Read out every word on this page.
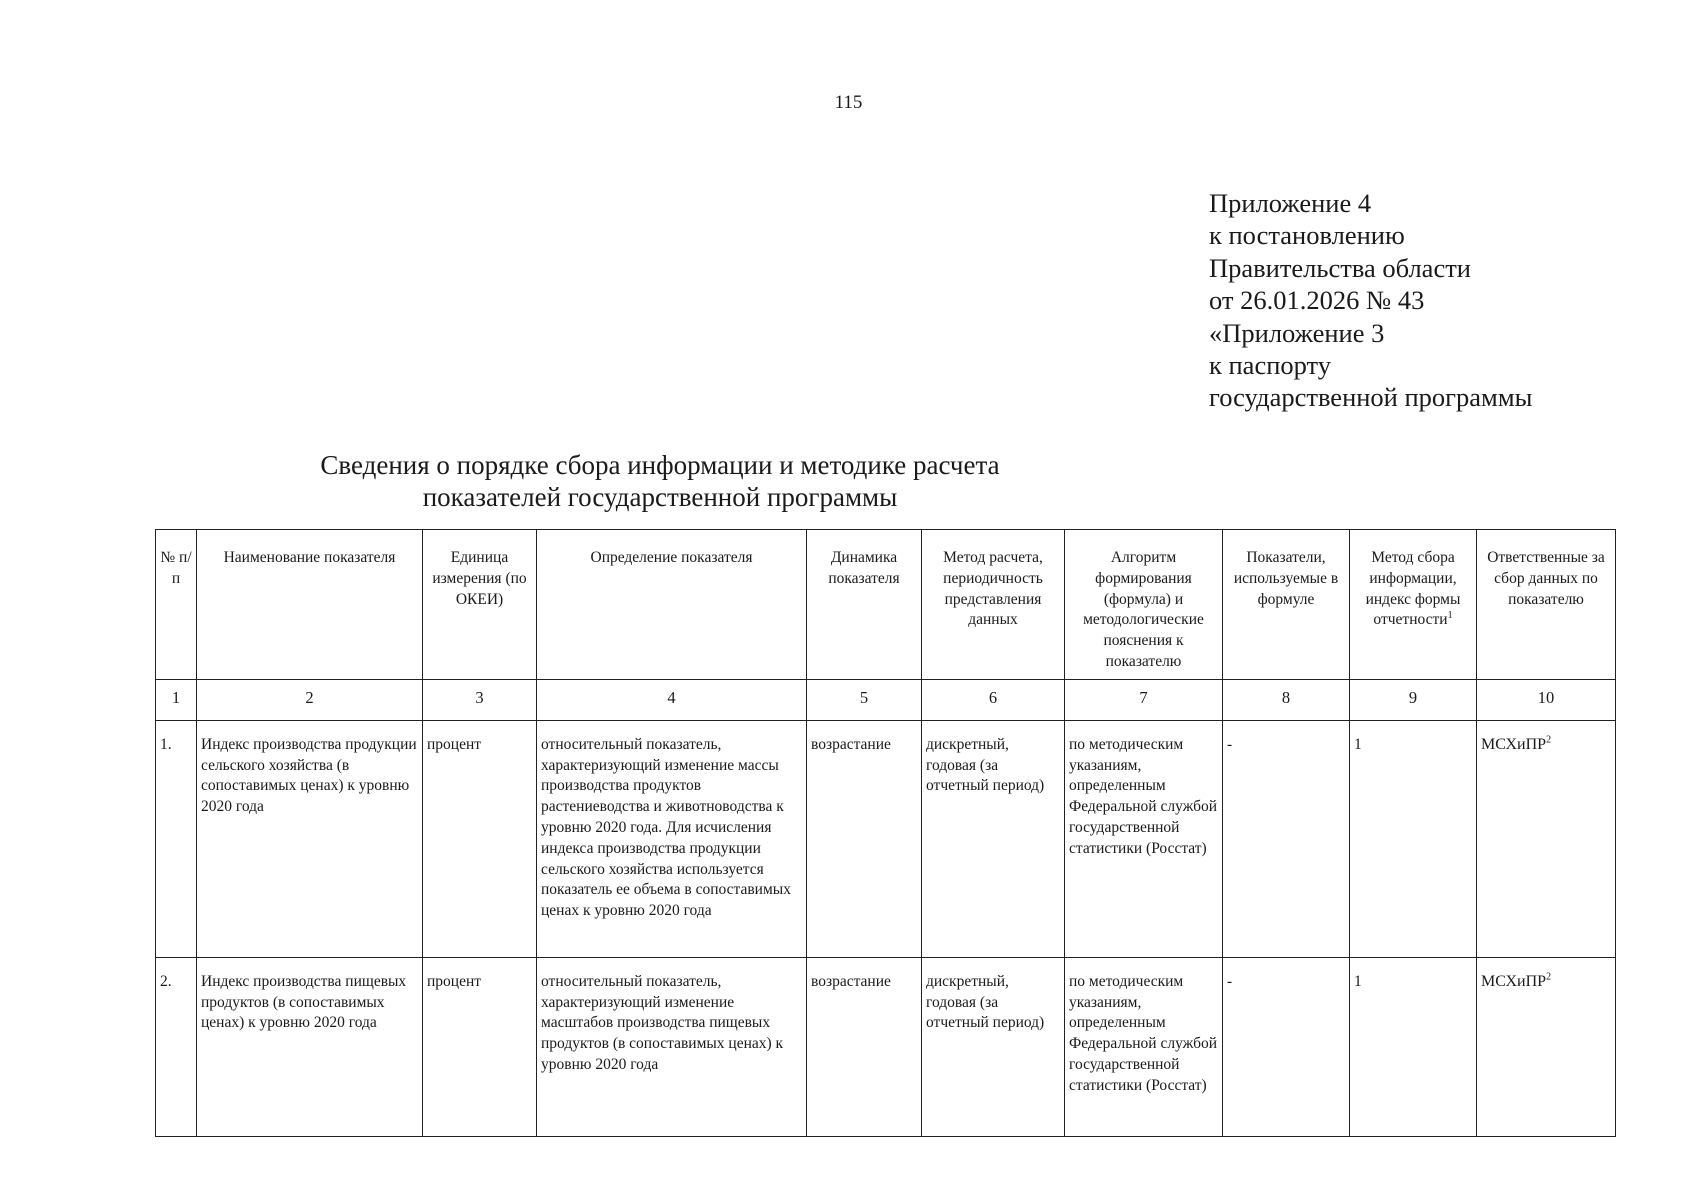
115
Приложение 4
к постановлению
Правительства области
от 26.01.2026 № 43
«Приложение 3
к паспорту
государственной программы
Сведения о порядке сбора информации и методике расчета
показателей государственной программы
№ п/п	Наименование показателя	Единица измерения (по ОКЕИ)	Определение показателя	Динамика показателя	Метод расчета, периодичность представления данных	Алгоритм формирования (формула) и методологические пояснения к показателю	Показатели, используемые в формуле	Метод сбора информации, индекс формы отчетности$^1$	Ответственные за сбор данных по показателю
1	2	3	4	5	6	7	8	9	10
1.	Индекс производства продукции сельского хозяйства (в сопоставимых ценах) к уровню 2020 года	процент	относительный показатель, характеризующий изменение массы производства продуктов растениеводства и животноводства к уровню 2020 года. Для исчисления индекса производства продукции сельского хозяйства используется показатель ее объема в сопоставимых ценах к уровню 2020 года	возрастание	дискретный, годовая (за отчетный период)	по методическим указаниям, определенным Федеральной службой государственной статистики (Росстат)	-	1	МСХиПР$^2$
2.	Индекс производства пищевых продуктов (в сопоставимых ценах) к уровню 2020 года	процент	относительный показатель, характеризующий изменение масштабов производства пищевых продуктов (в сопоставимых ценах) к уровню 2020 года	возрастание	дискретный, годовая (за отчетный период)	по методическим указаниям, определенным Федеральной службой государственной статистики (Росстат)	-	1	МСХиПР$^2$
